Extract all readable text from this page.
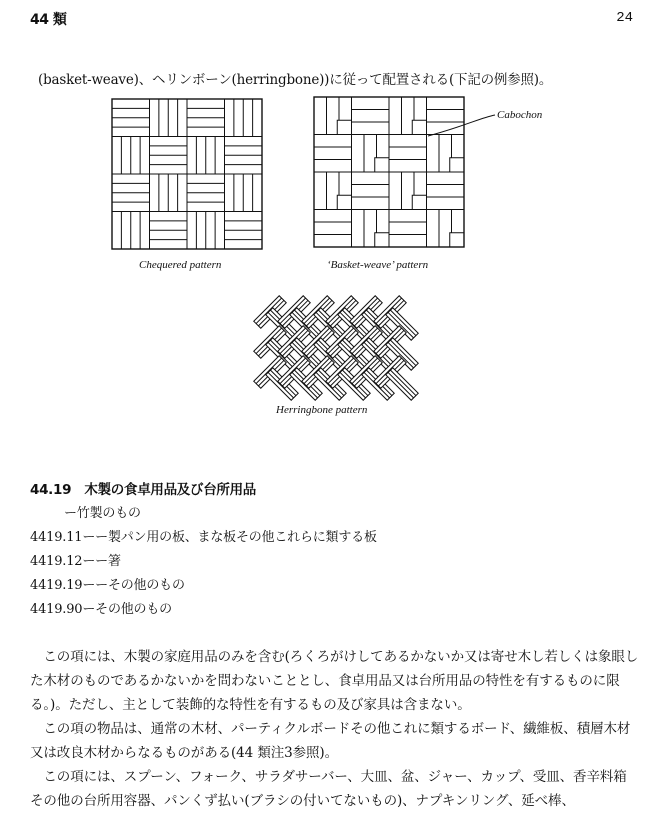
44 類	24
(basket-weave)、ヘリンボーン(herringbone))に従って配置される(下記の例参照)。
Chequered pattern
Cabochon
‘Basket-weave’ pattern
Herringbone pattern
44.19　木製の食卓用品及び台所用品
ー竹製のもの
4419.11ーー製パン用の板、まな板その他これらに類する板
4419.12ーー箸
4419.19ーーその他のもの
4419.90ーその他のもの
　この項には、木製の家庭用品のみを含む(ろくろがけしてあるかないか又は寄せ木し若しくは象眼した木材のものであるかないかを問わないこととし、食卓用品又は台所用品の特性を有するものに限る。)。ただし、主として装飾的な特性を有するもの及び家具は含まない。
　この項の物品は、通常の木材、パーティクルボードその他これに類するボード、繊維板、積層木材又は改良木材からなるものがある(44 類注3参照)。
　この項には、スプーン、フォーク、サラダサーバー、大皿、盆、ジャー、カップ、受皿、香辛料箱その他の台所用容器、パンくず払い(ブラシの付いてないもの)、ナプキンリング、延べ棒、
